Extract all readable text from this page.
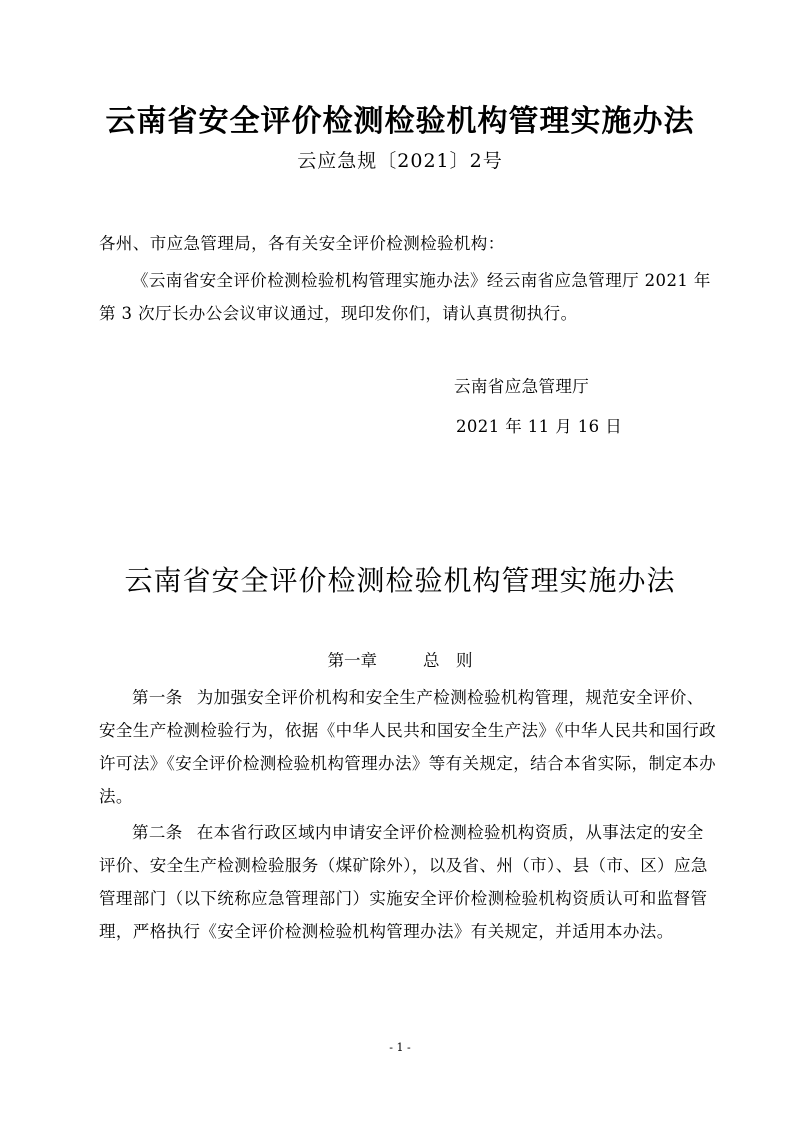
云南省安全评价检测检验机构管理实施办法
云应急规〔2021〕2号
各州、市应急管理局，各有关安全评价检测检验机构：
《云南省安全评价检测检验机构管理实施办法》经云南省应急管理厅 2021 年第 3 次厅长办公会议审议通过，现印发你们，请认真贯彻执行。
云南省应急管理厅
2021 年 11 月 16 日
云南省安全评价检测检验机构管理实施办法
第一章	总　则
第一条 为加强安全评价机构和安全生产检测检验机构管理，规范安全评价、安全生产检测检验行为，依据《中华人民共和国安全生产法》《中华人民共和国行政许可法》《安全评价检测检验机构管理办法》等有关规定，结合本省实际，制定本办法。
第二条 在本省行政区域内申请安全评价检测检验机构资质，从事法定的安全评价、安全生产检测检验服务（煤矿除外），以及省、州（市）、县（市、区）应急管理部门（以下统称应急管理部门）实施安全评价检测检验机构资质认可和监督管理，严格执行《安全评价检测检验机构管理办法》有关规定，并适用本办法。
- 1 -
